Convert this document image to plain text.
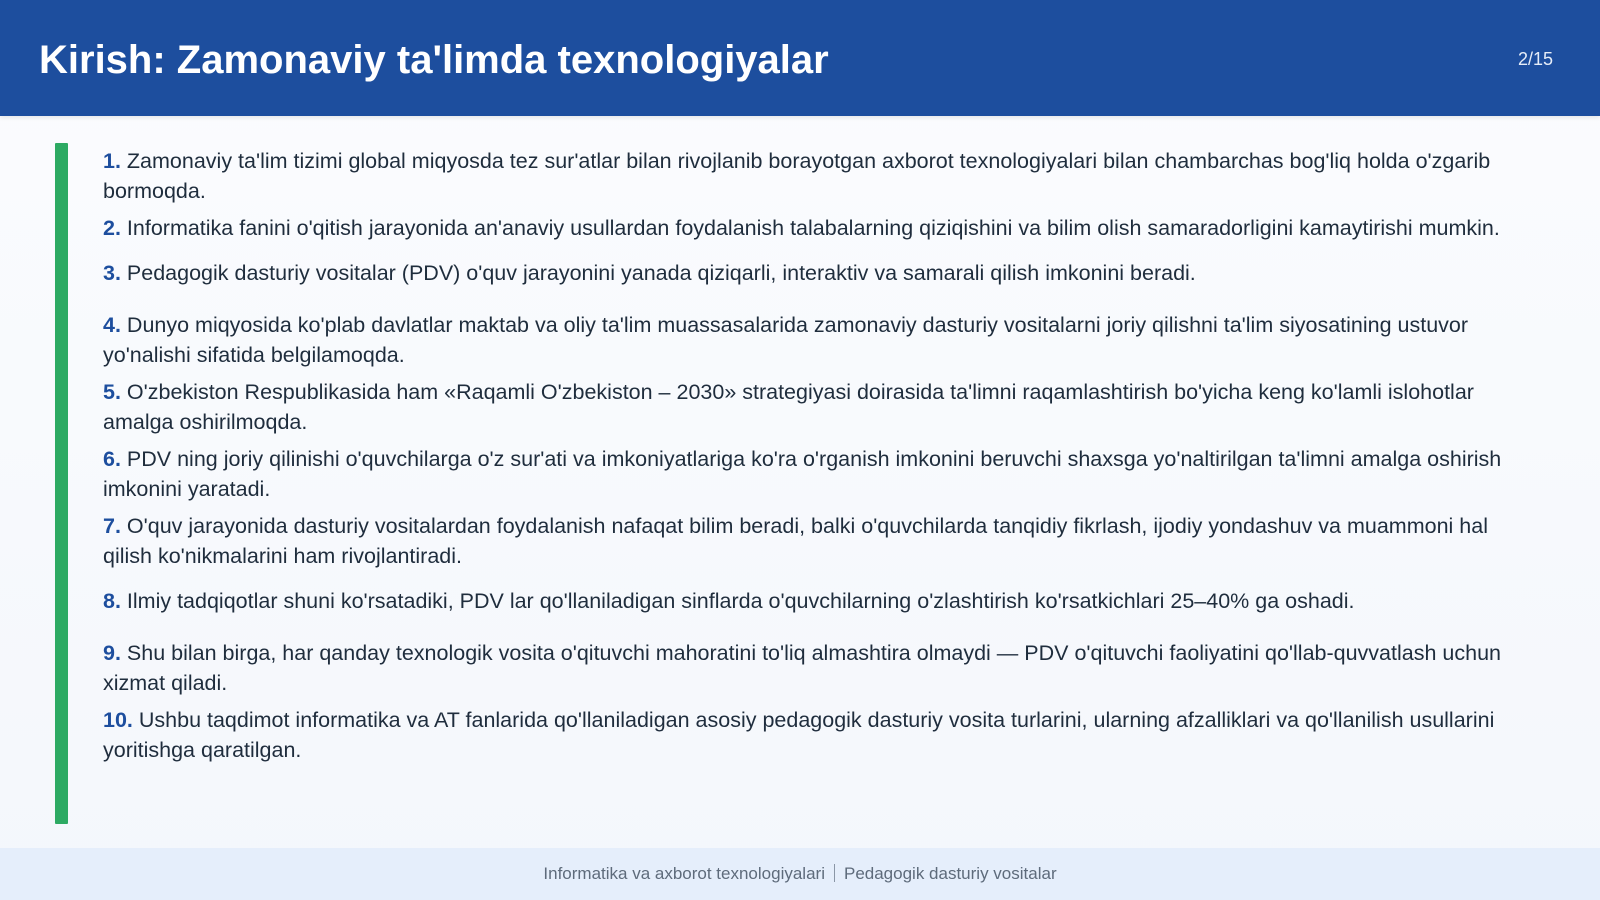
Kirish: Zamonaviy ta'limda texnologiyalar	2/15
1. Zamonaviy ta'lim tizimi global miqyosda tez sur'atlar bilan rivojlanib borayotgan axborot texnologiyalari bilan chambarchas bog'liq holda o'zgarib bormoqda.
2. Informatika fanini o'qitish jarayonida an'anaviy usullardan foydalanish talabalarning qiziqishini va bilim olish samaradorligini kamaytirishi mumkin.
3. Pedagogik dasturiy vositalar (PDV) o'quv jarayonini yanada qiziqarli, interaktiv va samarali qilish imkonini beradi.
4. Dunyo miqyosida ko'plab davlatlar maktab va oliy ta'lim muassasalarida zamonaviy dasturiy vositalarni joriy qilishni ta'lim siyosatining ustuvor yo'nalishi sifatida belgilamoqda.
5. O'zbekiston Respublikasida ham «Raqamli O'zbekiston – 2030» strategiyasi doirasida ta'limni raqamlashtirish bo'yicha keng ko'lamli islohotlar amalga oshirilmoqda.
6. PDV ning joriy qilinishi o'quvchilarga o'z sur'ati va imkoniyatlariga ko'ra o'rganish imkonini beruvchi shaxsga yo'naltirilgan ta'limni amalga oshirish imkonini yaratadi.
7. O'quv jarayonida dasturiy vositalardan foydalanish nafaqat bilim beradi, balki o'quvchilarda tanqidiy fikrlash, ijodiy yondashuv va muammoni hal qilish ko'nikmalarini ham rivojlantiradi.
8. Ilmiy tadqiqotlar shuni ko'rsatadiki, PDV lar qo'llaniladigan sinflarda o'quvchilarning o'zlashtirish ko'rsatkichlari 25–40% ga oshadi.
9. Shu bilan birga, har qanday texnologik vosita o'qituvchi mahoratini to'liq almashtira olmaydi — PDV o'qituvchi faoliyatini qo'llab-quvvatlash uchun xizmat qiladi.
10. Ushbu taqdimot informatika va AT fanlarida qo'llaniladigan asosiy pedagogik dasturiy vosita turlarini, ularning afzalliklari va qo'llanilish usullarini yoritishga qaratilgan.
Informatika va axborot texnologiyalari Pedagogik dasturiy vositalar
